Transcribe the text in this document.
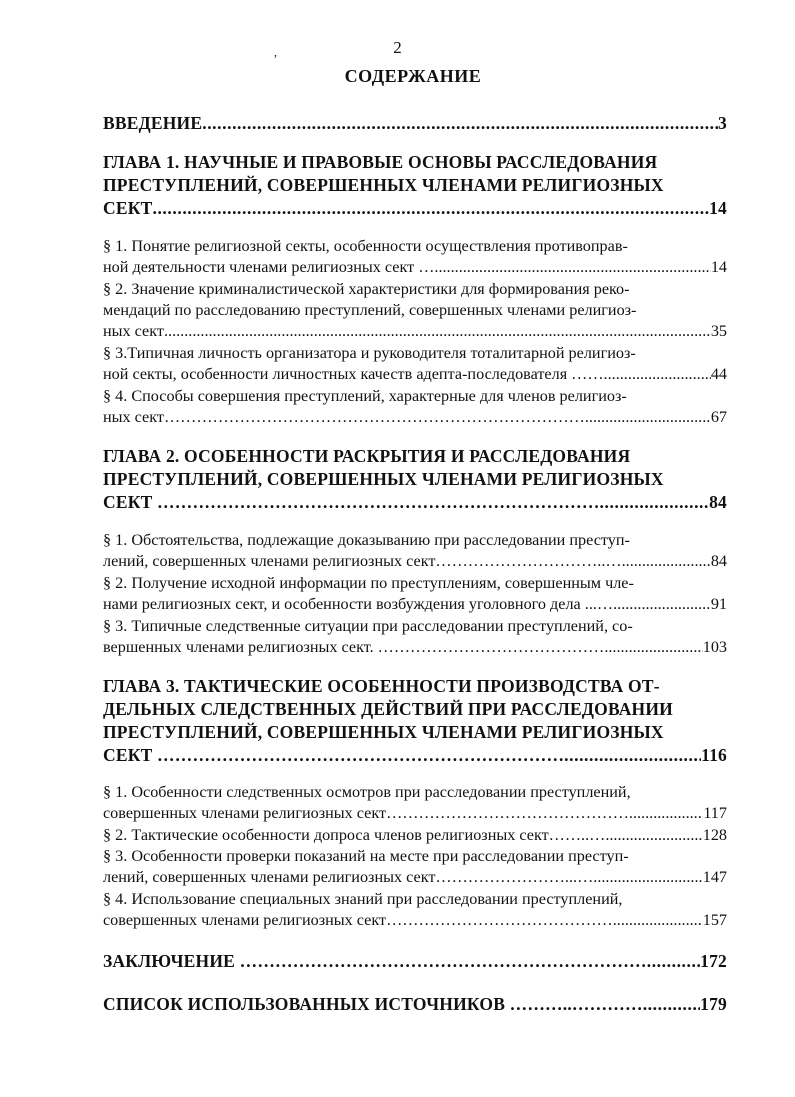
,	2
СОДЕРЖАНИЕ
ВВЕДЕНИЕ .....	3
ГЛАВА 1. НАУЧНЫЕ И ПРАВОВЫЕ ОСНОВЫ РАССЛЕДОВАНИЯ
ПРЕСТУПЛЕНИЙ, СОВЕРШЕННЫХ ЧЛЕНАМИ РЕЛИГИОЗНЫХ
СЕКТ .....	14
§ 1. Понятие религиозной секты, особенности осуществления противоправ-
ной деятельности членами религиозных сект … .....	14
§ 2. Значение криминалистической характеристики для формирования реко-
мендаций по расследованию преступлений, совершенных членами религиоз-
ных сект .....	35
§ 3.Типичная личность организатора и руководителя тоталитарной религиоз-
ной секты, особенности личностных качеств адепта-последователя …….. .....	44
§ 4. Способы совершения преступлений, характерные для членов религиоз-
ных сект…………………………………………………………………… .....	67
ГЛАВА 2. ОСОБЕННОСТИ РАСКРЫТИЯ И РАССЛЕДОВАНИЯ
ПРЕСТУПЛЕНИЙ, СОВЕРШЕННЫХ ЧЛЕНАМИ РЕЛИГИОЗНЫХ
СЕКТ ………………………………………………………………… .....	84
§ 1. Обстоятельства, подлежащие доказыванию при расследовании преступ-
лений, совершенных членами религиозных сект…………………………..… .....	84
§ 2. Получение исходной информации по преступлениям, совершенным чле-
нами религиозных сект, и особенности возбуждения уголовного дела ...… .....	91
§ 3. Типичные следственные ситуации при расследовании преступлений, со-
вершенных членами религиозных сект. …………………………………… .....	103
ГЛАВА 3. ТАКТИЧЕСКИЕ ОСОБЕННОСТИ ПРОИЗВОДСТВА ОТ-
ДЕЛЬНЫХ СЛЕДСТВЕННЫХ ДЕЙСТВИЙ ПРИ РАССЛЕДОВАНИИ
ПРЕСТУПЛЕНИЙ, СОВЕРШЕННЫХ ЧЛЕНАМИ РЕЛИГИОЗНЫХ
СЕКТ …………………………………………………………… .....	116
§ 1. Особенности следственных осмотров при расследовании преступлений,
совершенных членами религиозных сект……………………………………… .....	117
§ 2. Тактические особенности допроса членов религиозных сект……..…. .....	128
§ 3. Особенности проверки показаний на месте при расследовании преступ-
лений, совершенных членами религиозных сект……………………...… .....	147
§ 4. Использование специальных знаний при расследовании преступлений,
совершенных членами религиозных сект…………………………………… .....	157
ЗАКЛЮЧЕНИЕ …………………………………………………………… .....	172
СПИСОК ИСПОЛЬЗОВАННЫХ ИСТОЧНИКОВ ………..………… .....	179
